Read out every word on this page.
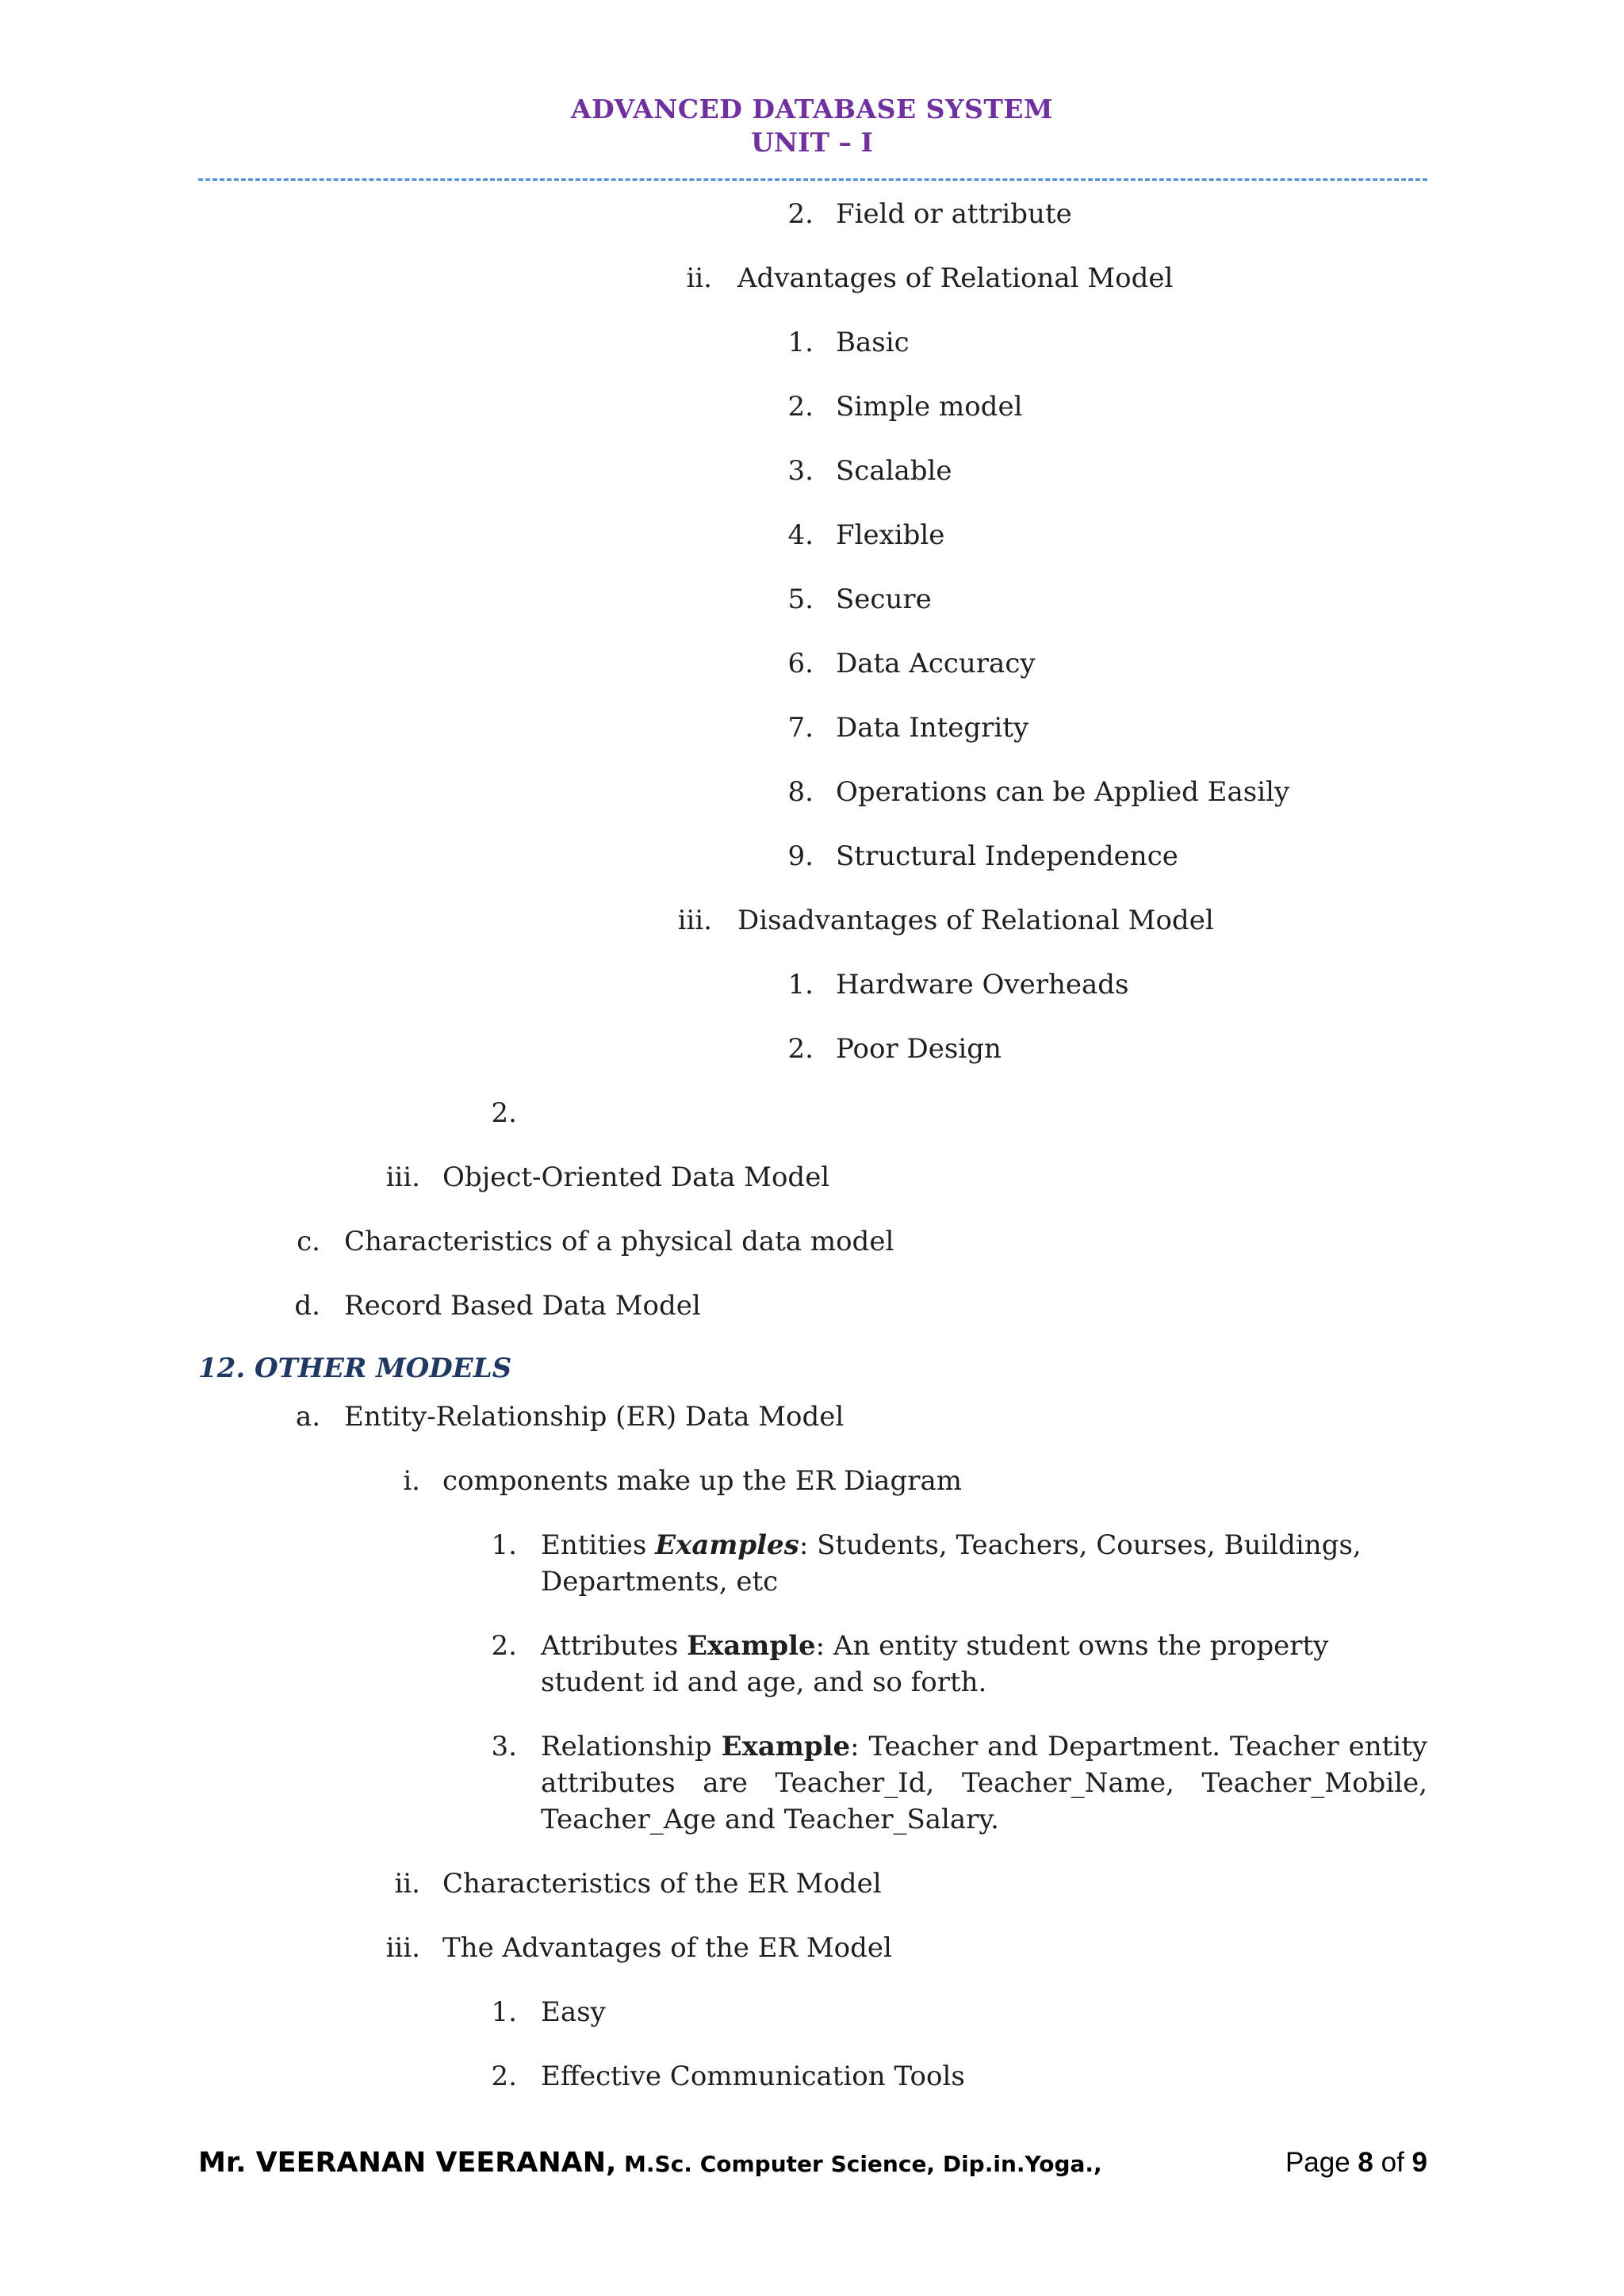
ADVANCED DATABASE SYSTEM
UNIT – I
2. Field or attribute
ii. Advantages of Relational Model
1. Basic
2. Simple model
3. Scalable
4. Flexible
5. Secure
6. Data Accuracy
7. Data Integrity
8. Operations can be Applied Easily
9. Structural Independence
iii. Disadvantages of Relational Model
1. Hardware Overheads
2. Poor Design
2.
iii. Object-Oriented Data Model
c. Characteristics of a physical data model
d. Record Based Data Model
12. OTHER MODELS
a. Entity-Relationship (ER) Data Model
i. components make up the ER Diagram
1. Entities Examples: Students, Teachers, Courses, Buildings, Departments, etc
2. Attributes Example: An entity student owns the property student id and age, and so forth.
3. Relationship Example: Teacher and Department. Teacher entity attributes are Teacher_Id, Teacher_Name, Teacher_Mobile, Teacher_Age and Teacher_Salary.
ii. Characteristics of the ER Model
iii. The Advantages of the ER Model
1. Easy
2. Effective Communication Tools
Mr. VEERANAN VEERANAN, M.Sc. Computer Science, Dip.in.Yoga.,	Page 8 of 9
